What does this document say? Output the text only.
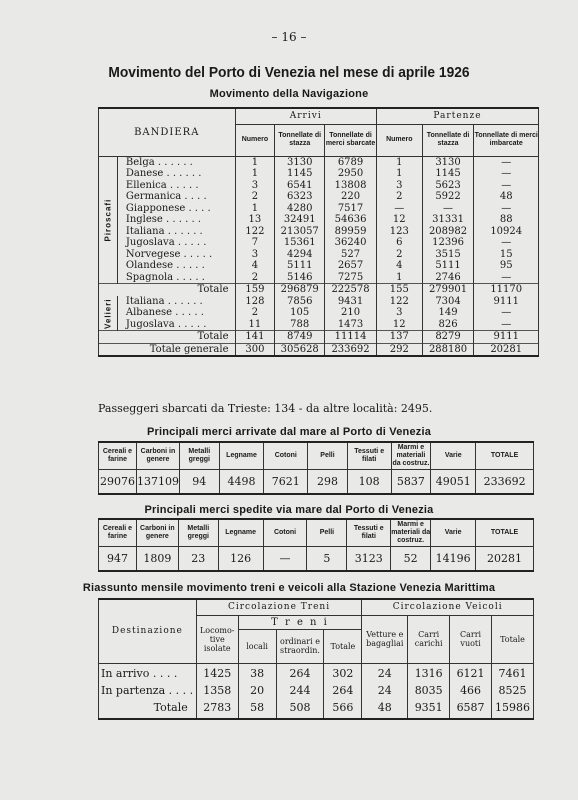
– 16 –
Movimento del Porto di Venezia nel mese di aprile 1926
Movimento della Navigazione
BANDIERA		Arrivi			Partenze		
		Numero	Tonnellate di stazza	Tonnellate di merci sbarcate	Numero	Tonnellate di stazza	Tonnellate di merci imbarcate
Piroscafi	Belga . . . . . .	1	3130	6789	1	3130	—
	Danese . . . . . .	1	1145	2950	1	1145	—
	Ellenica . . . . .	3	6541	13808	3	5623	—
	Germanica . . . .	2	6323	220	2	5922	48
	Giapponese . . . .	1	4280	7517	—	—	—
	Inglese . . . . . .	13	32491	54636	12	31331	88
	Italiana . . . . . .	122	213057	89959	123	208982	10924
	Jugoslava . . . . .	7	15361	36240	6	12396	—
	Norvegese . . . . .	3	4294	527	2	3515	15
	Olandese . . . . .	4	5111	2657	4	5111	95
	Spagnola . . . . .	2	5146	7275	1	2746	—
Totale		159	296879	222578	155	279901	11170
Velieri	Italiana . . . . . .	128	7856	9431	122	7304	9111
	Albanese . . . . .	2	105	210	3	149	—
	Jugoslava . . . . .	11	788	1473	12	826	—
Totale		141	8749	11114	137	8279	9111
Totale generale		300	305628	233692	292	288180	20281
Passeggeri sbarcati da Trieste: 134 - da altre località: 2495.
Principali merci arrivate dal mare al Porto di Venezia
Cereali e farine	Carboni in genere	Metalli greggi	Legname	Cotoni	Pelli	Tessuti e filati	Marmi e materiali da costruz.	Varie	TOTALE
29076	137109	94	4498	7621	298	108	5837	49051	233692
Principali merci spedite via mare dal Porto di Venezia
Cereali e farine	Carboni in genere	Metalli greggi	Legname	Cotoni	Pelli	Tessuti e filati	Marmi e materiali da costruz.	Varie	TOTALE
947	1809	23	126	—	5	3123	52	14196	20281
Riassunto mensile movimento treni e veicoli alla Stazione Venezia Marittima
Destinazione	Circolazione Treni				Circolazione Veicoli			
	Locomo-tive isolate	T r e n i			Vetture e bagagliai	Carri carichi	Carri vuoti	Totale
		locali	ordinari e straordin.	Totale				
In arrivo . . . .	1425	38	264	302	24	1316	6121	7461
In partenza . . . .	1358	20	244	264	24	8035	466	8525
Totale	2783	58	508	566	48	9351	6587	15986
